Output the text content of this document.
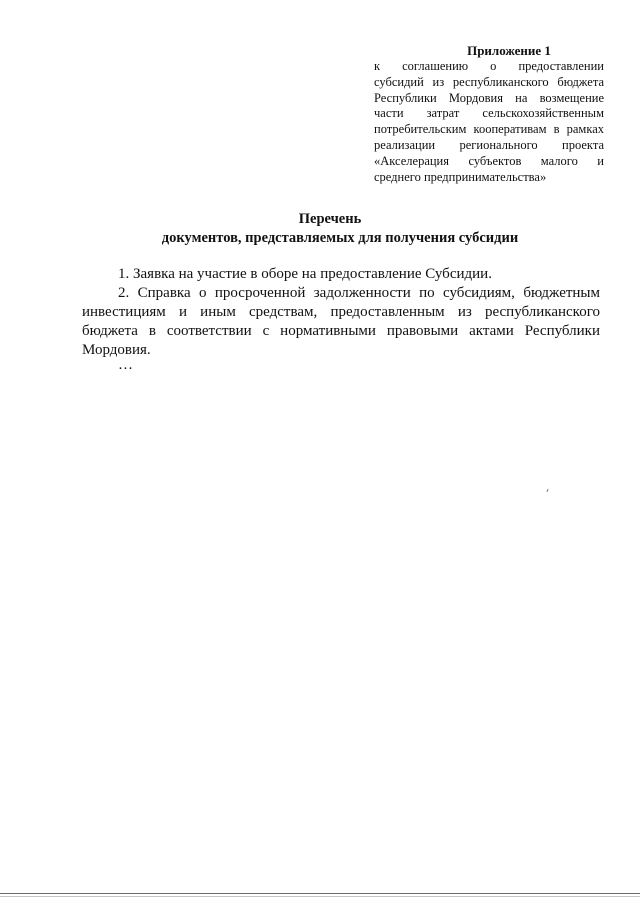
Приложение 1
к соглашению о предоставлении
субсидий из республиканского бюджета
Республики Мордовия на возмещение
части затрат сельскохозяйственным
потребительским кооперативам в рамках
реализации регионального проекта
«Акселерация субъектов малого и
среднего предпринимательства»
Перечень
документов, представляемых для получения субсидии
1. Заявка на участие в оборе на предоставление Субсидии.
2. Справка о просроченной задолженности по субсидиям, бюджетным
инвестициям и иным средствам, предоставленным из республиканского
бюджета в соответствии с нормативными правовыми актами Республики
Мордовия.
…
